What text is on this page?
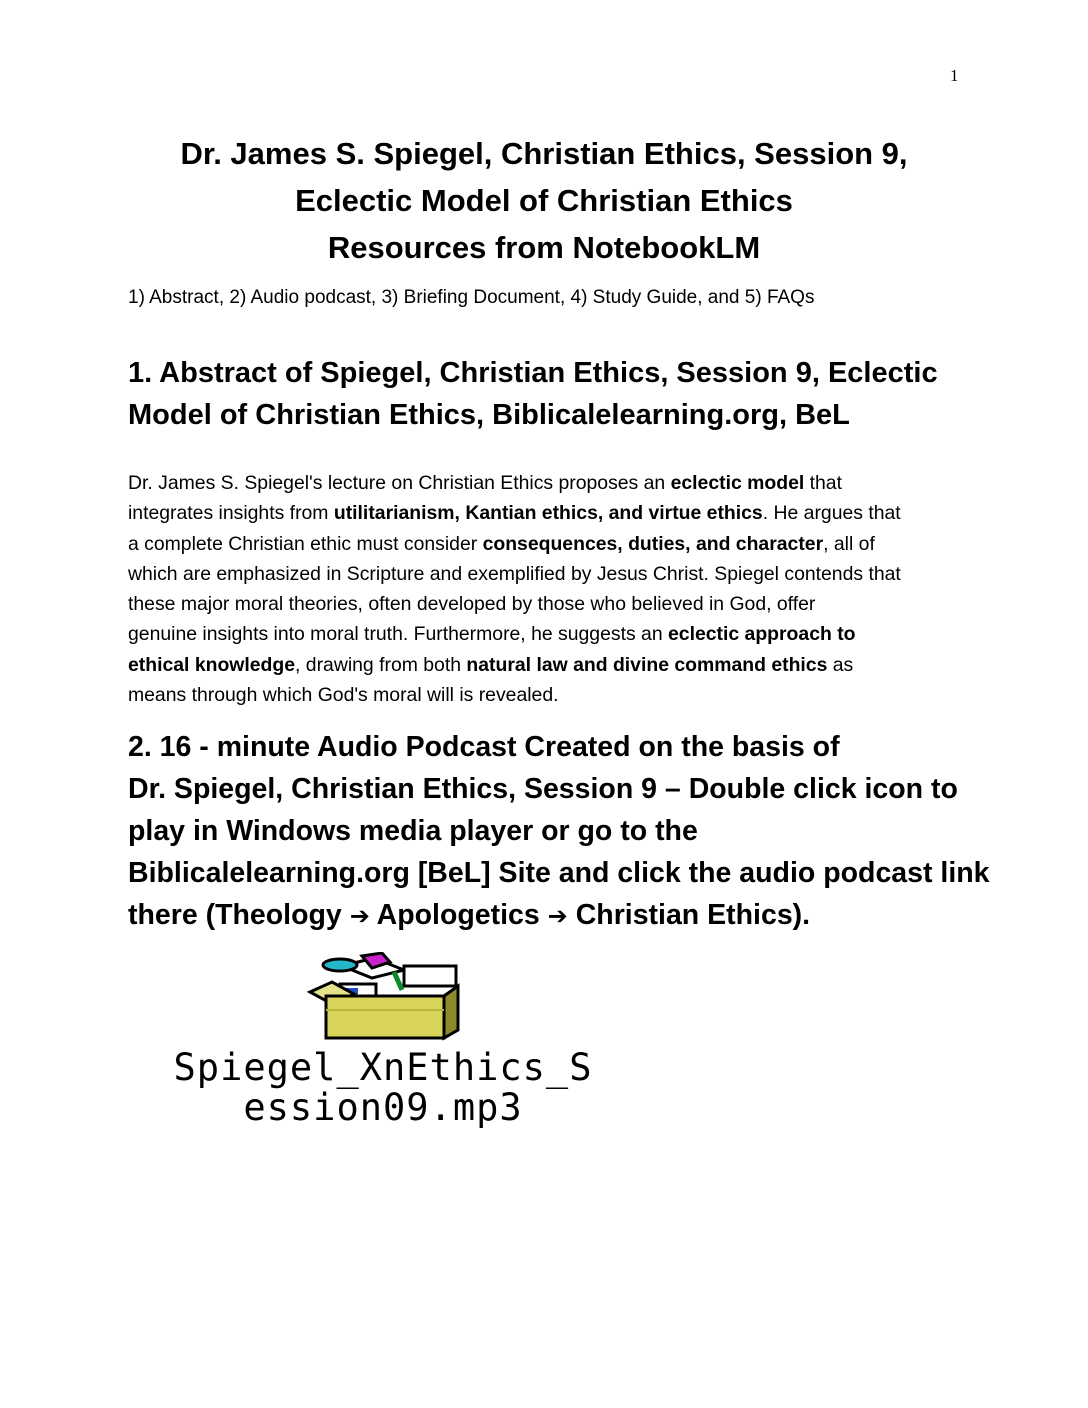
1
Dr. James S. Spiegel, Christian Ethics, Session 9,
Eclectic Model of Christian Ethics
Resources from NotebookLM
1) Abstract, 2) Audio podcast, 3) Briefing Document, 4) Study Guide, and 5) FAQs
1. Abstract of Spiegel, Christian Ethics, Session 9, Eclectic
Model of Christian Ethics, Biblicalelearning.org, BeL
Dr. James S. Spiegel's lecture on Christian Ethics proposes an eclectic model that
integrates insights from utilitarianism, Kantian ethics, and virtue ethics. He argues that
a complete Christian ethic must consider consequences, duties, and character, all of
which are emphasized in Scripture and exemplified by Jesus Christ. Spiegel contends that
these major moral theories, often developed by those who believed in God, offer
genuine insights into moral truth. Furthermore, he suggests an eclectic approach to
ethical knowledge, drawing from both natural law and divine command ethics as
means through which God's moral will is revealed.
2. 16 - minute Audio Podcast Created on the basis of
Dr. Spiegel, Christian Ethics, Session 9 – Double click icon to
play in Windows media player or go to the
Biblicalelearning.org [BeL] Site and click the audio podcast link
there (Theology ➔ Apologetics ➔ Christian Ethics).
Spiegel_XnEthics_S
ession09.mp3
